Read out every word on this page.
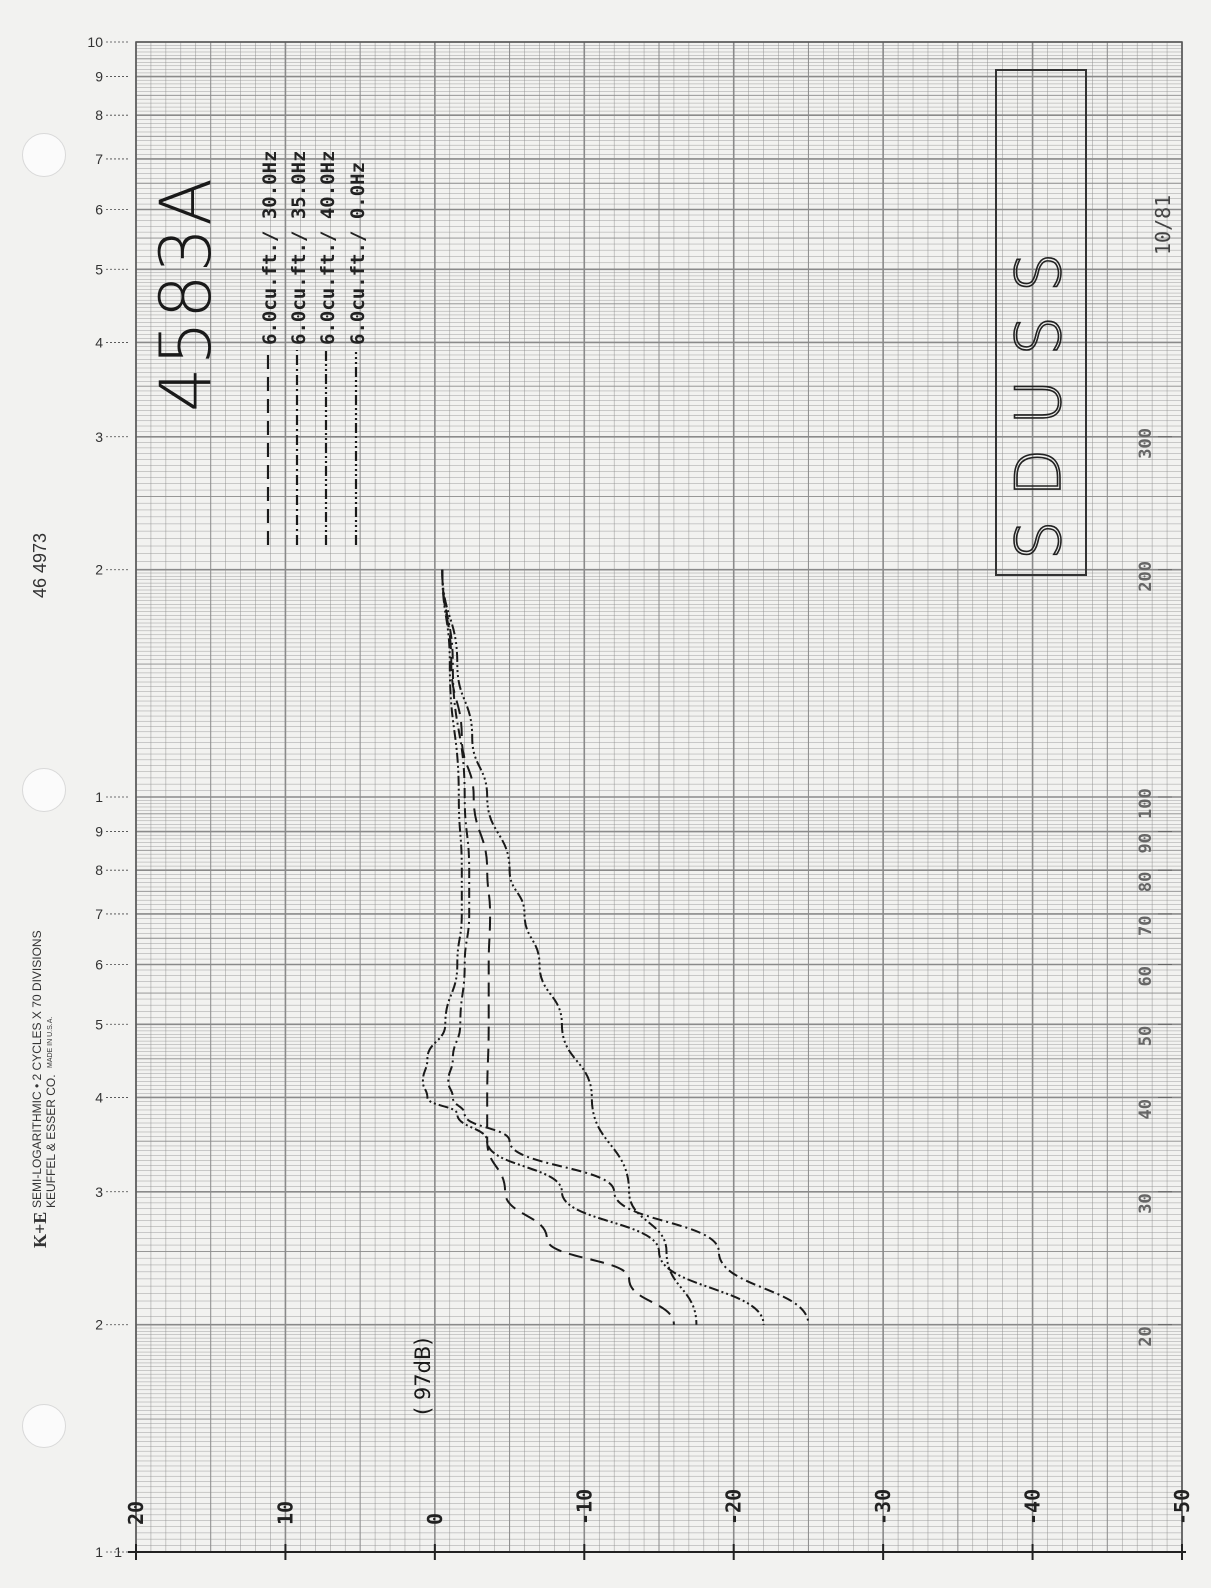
10
9
8
7
6
5
4
3
2
1
9
8
7
6
5
4
3
2
1 1
20	10	0	-10	-20	-30	-40	-50
300
200
100
90
80
70
60
50
40
30
20
4583A 6.0cu.ft./ 30.0Hz 6.0cu.ft./ 35.0Hz 6.0cu.ft./ 40.0Hz 6.0cu.ft./ 0.0Hz
( 97dB)
SDUSS
10/81
46 4973
K+E
SEMI-LOGARITHMIC • 2 CYCLES X 70 DIVISIONS KEUFFEL & ESSER CO.
MADE IN U.S.A.
